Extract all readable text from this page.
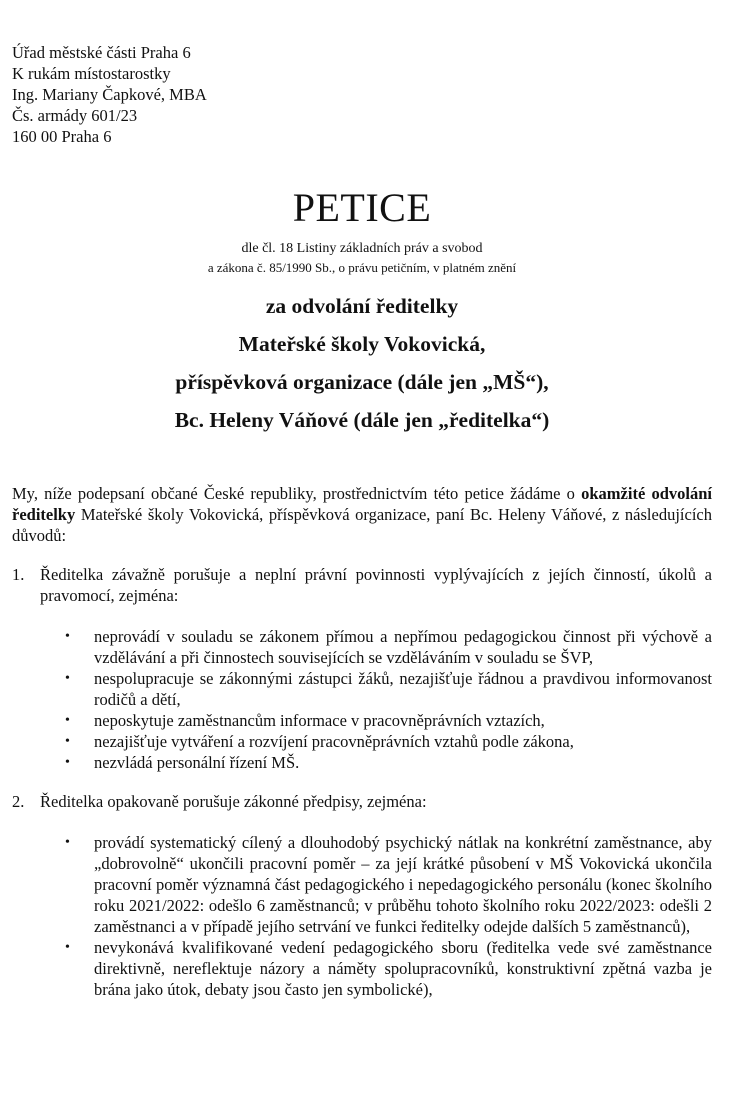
Úřad městské části Praha 6
K rukám místostarostky
Ing. Mariany Čapkové, MBA
Čs. armády 601/23
160 00 Praha 6
PETICE
dle čl. 18 Listiny základních práv a svobod
a zákona č. 85/1990 Sb., o právu petičním, v platném znění
za odvolání ředitelky
Mateřské školy Vokovická,
příspěvková organizace (dále jen „MŠ“),
Bc. Heleny Váňové (dále jen „ředitelka“)

My, níže podepsaní občané České republiky, prostřednictvím této petice žádáme o okamžité odvolání ředitelky Mateřské školy Vokovická, příspěvková organizace, paní Bc. Heleny Váňové, z následujících důvodů:

1. Ředitelka závažně porušuje a neplní právní povinnosti vyplývajících z jejích činností, úkolů a pravomocí, zejména:
• neprovádí v souladu se zákonem přímou a nepřímou pedagogickou činnost při výchově a vzdělávání a při činnostech souvisejících se vzděláváním v souladu se ŠVP,
• nespolupracuje se zákonnými zástupci žáků, nezajišťuje řádnou a pravdivou informovanost rodičů a dětí,
• neposkytuje zaměstnancům informace v pracovněprávních vztazích,
• nezajišťuje vytváření a rozvíjení pracovněprávních vztahů podle zákona,
• nezvládá personální řízení MŠ.
2. Ředitelka opakovaně porušuje zákonné předpisy, zejména:
• provádí systematický cílený a dlouhodobý psychický nátlak na konkrétní zaměstnance, aby „dobrovolně“ ukončili pracovní poměr – za její krátké působení v MŠ Vokovická ukončila pracovní poměr významná část pedagogického i nepedagogického personálu (konec školního roku 2021/2022: odešlo 6 zaměstnanců; v průběhu tohoto školního roku 2022/2023: odešli 2 zaměstnanci a v případě jejího setrvání ve funkci ředitelky odejde dalších 5 zaměstnanců),
• nevykonává kvalifikované vedení pedagogického sboru (ředitelka vede své zaměstnance direktivně, nereflektuje názory a náměty spolupracovníků, konstruktivní zpětná vazba je brána jako útok, debaty jsou často jen symbolické),
